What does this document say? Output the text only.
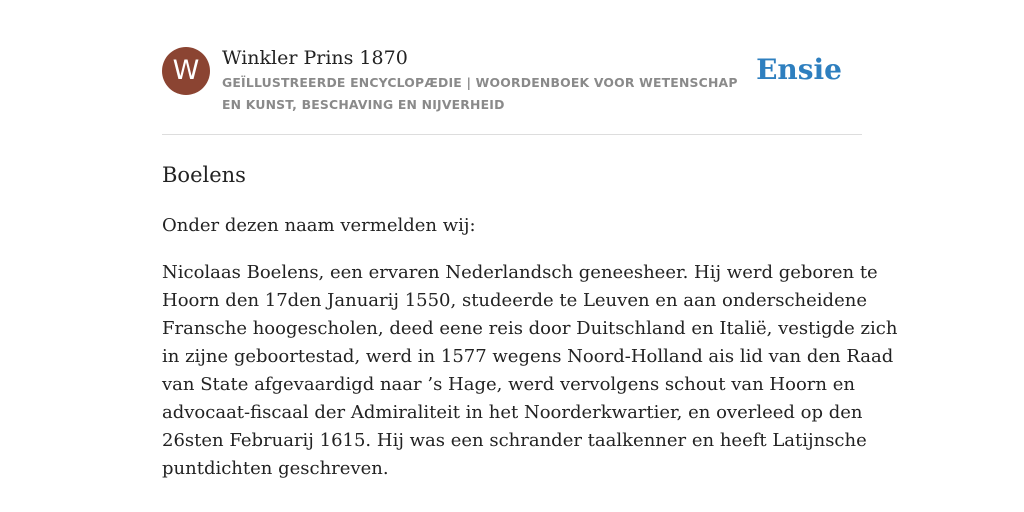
W	Winkler Prins 1870
GEÏLLUSTREERDE ENCYCLOPÆDIE | WOORDENBOEK VOOR WETENSCHAP EN KUNST, BESCHAVING EN NIJVERHEID
Ensie
Boelens

Onder dezen naam vermelden wij:

Nicolaas Boelens, een ervaren Nederlandsch geneesheer. Hij werd geboren te
Hoorn den 17den Januarij 1550, studeerde te Leuven en aan onderscheidene
Fransche hoogescholen, deed eene reis door Duitschland en Italië, vestigde zich
in zijne geboortestad, werd in 1577 wegens Noord-Holland ais lid van den Raad
van State afgevaardigd naar ’s Hage, werd vervolgens schout van Hoorn en
advocaat-fiscaal der Admiraliteit in het Noorderkwartier, en overleed op den
26sten Februarij 1615. Hij was een schrander taalkenner en heeft Latijnsche
puntdichten geschreven.
